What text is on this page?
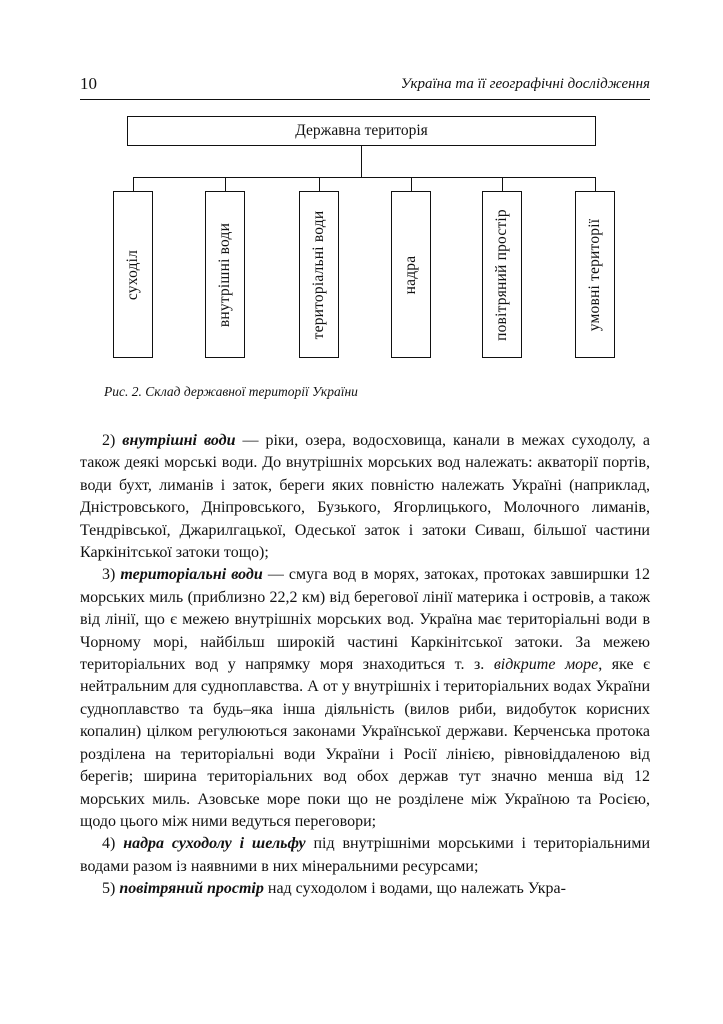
10	Україна та її географічні дослідження
Державна територія
суходіл	внутрішні води	територіальні води	надра	повітряний простір	умовні території
Рис. 2. Склад державної території України

2) внутрішні води — ріки, озера, водосховища, канали в межах суходолу, а також деякі морські води. До внутрішніх морських вод належать: акваторії портів, води бухт, лиманів і заток, береги яких повністю належать Україні (наприклад, Дністровського, Дніпровського, Бузького, Ягорлицького, Молочного лиманів, Тендрівської, Джарилгацької, Одеської заток і затоки Сиваш, більшої частини Каркінітської затоки тощо);

3) територіальні води — смуга вод в морях, затоках, протоках завширшки 12 морських миль (приблизно 22,2 км) від берегової лінії материка і островів, а також від лінії, що є межею внутрішніх морських вод. Україна має територіальні води в Чорному морі, найбільш широкій частині Каркінітської затоки. За межею територіальних вод у напрямку моря знаходиться т. з. відкрите море, яке є нейтральним для судноплавства. А от у внутрішніх і територіальних водах України судноплавство та будь–яка інша діяльність (вилов риби, видобуток корисних копалин) цілком регулюються законами Української держави. Керченська протока розділена на територіальні води України і Росії лінією, рівновіддаленою від берегів; ширина територіальних вод обох держав тут значно менша від 12 морських миль. Азовське море поки що не розділене між Україною та Росією, щодо цього між ними ведуться переговори;

4) надра суходолу і шельфу під внутрішніми морськими і територіальними водами разом із наявними в них мінеральними ресурсами;

5) повітряний простір над суходолом і водами, що належать Укра-
